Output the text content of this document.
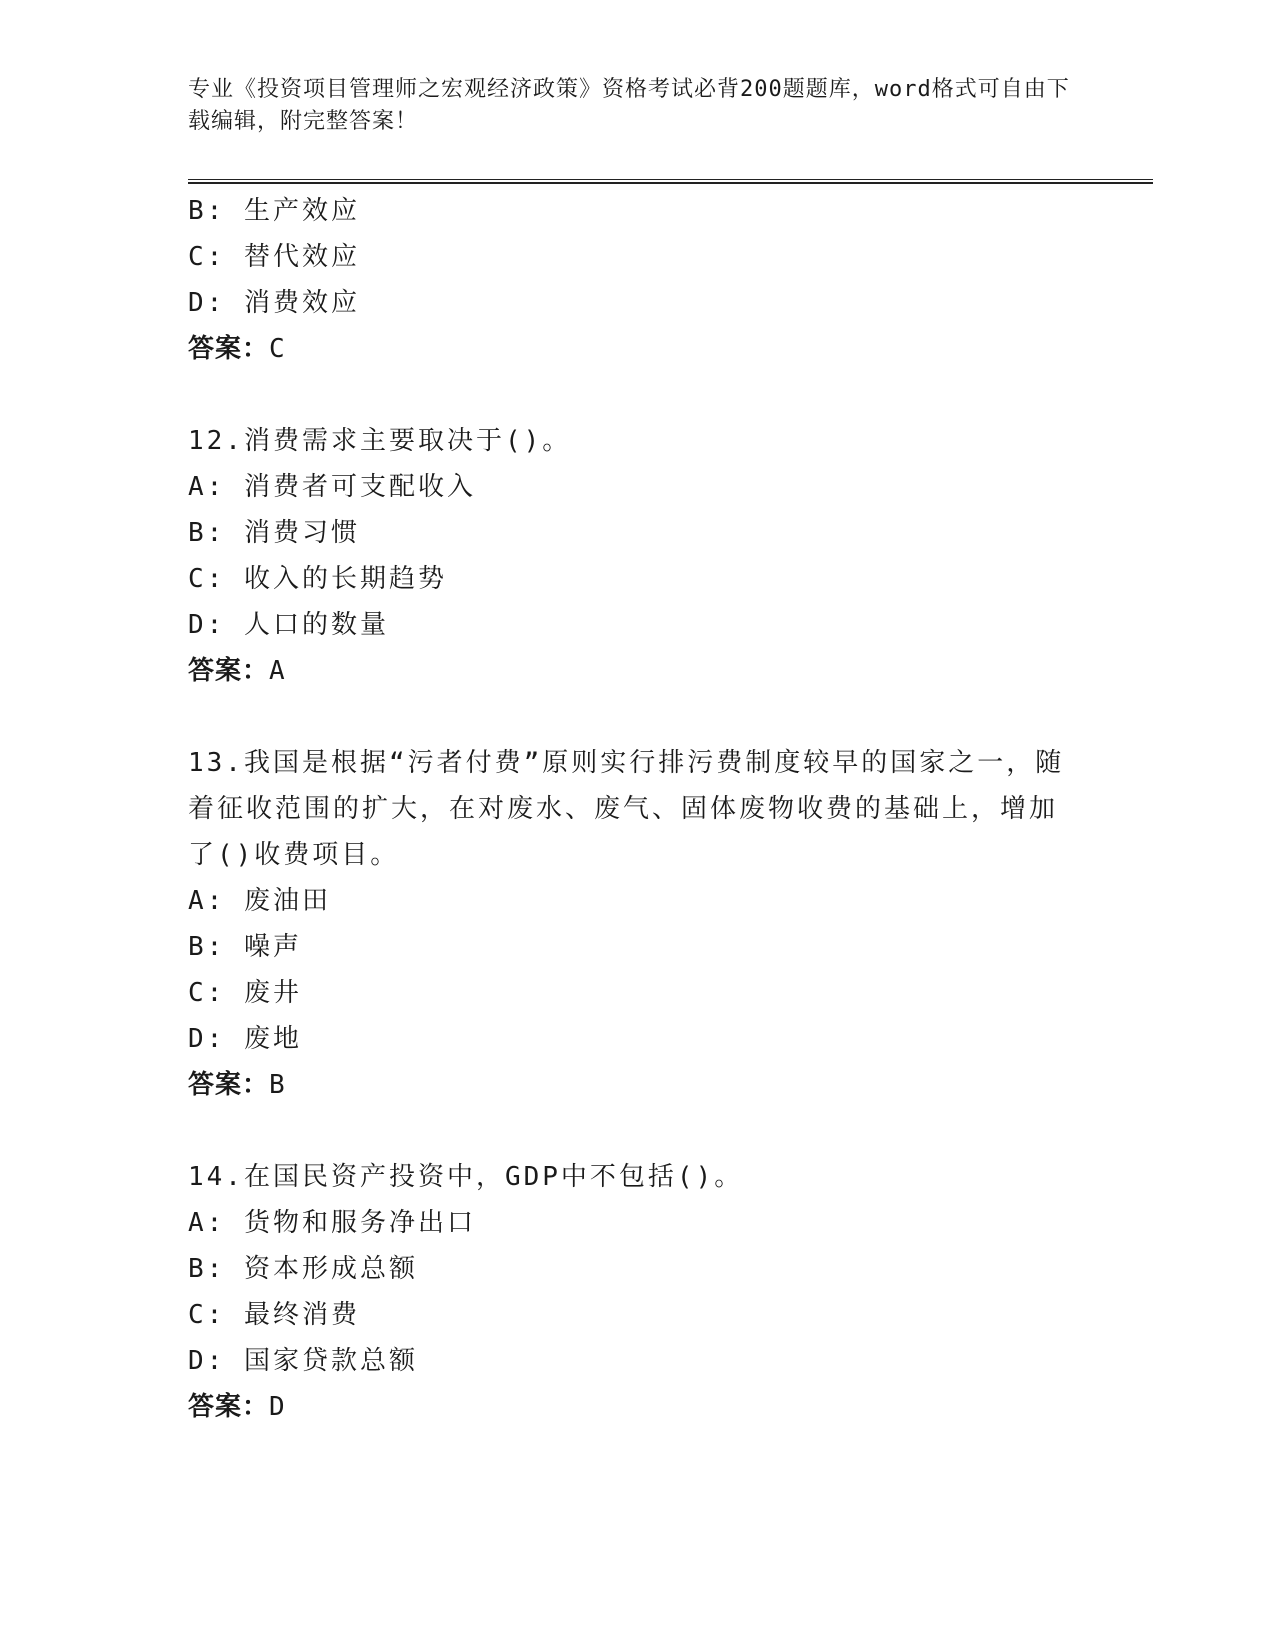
专业《投资项目管理师之宏观经济政策》资格考试必背200题题库，word格式可自由下载编辑，附完整答案！
B: 生产效应
C: 替代效应
D: 消费效应
答案：C
12.消费需求主要取决于()。
A: 消费者可支配收入
B: 消费习惯
C: 收入的长期趋势
D: 人口的数量
答案：A
13.我国是根据“污者付费”原则实行排污费制度较早的国家之一，随着征收范围的扩大，在对废水、废气、固体废物收费的基础上，增加了()收费项目。
A: 废油田
B: 噪声
C: 废井
D: 废地
答案：B
14.在国民资产投资中，GDP中不包括()。
A: 货物和服务净出口
B: 资本形成总额
C: 最终消费
D: 国家贷款总额
答案：D
